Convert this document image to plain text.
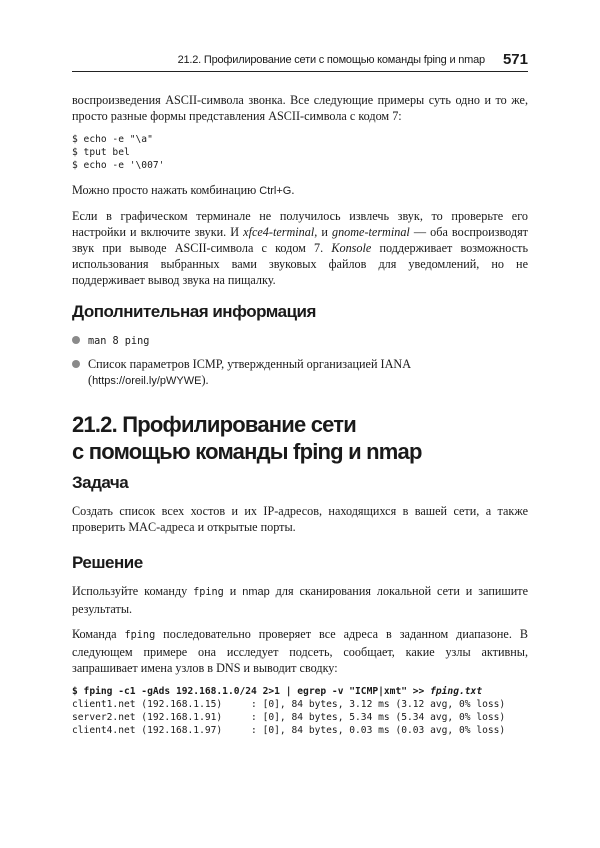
21.2. Профилирование сети с помощью команды fping и nmap 571

воспроизведения ASCII-символа звонка. Все следующие примеры суть одно и то же, просто разные формы представления ASCII-символа с кодом 7:

$ echo -e "\a"
$ tput bel
$ echo -e '\007'

Можно просто нажать комбинацию Ctrl+G.

Если в графическом терминале не получилось извлечь звук, то проверьте его настройки и включите звуки. И xfce4-terminal, и gnome-terminal — оба воспроизводят звук при выводе ASCII-символа с кодом 7. Konsole поддерживает возможность использования выбранных вами звуковых файлов для уведомлений, но не поддерживает вывод звука на пищалку.

Дополнительная информация
man 8 ping
Список параметров ICMP, утвержденный организацией IANA (https://oreil.ly/pWYWE).
21.2. Профилирование сети
с помощью команды fping и nmap
Задача

Создать список всех хостов и их IP-адресов, находящихся в вашей сети, а также проверить MAC-адреса и открытые порты.

Решение

Используйте команду fping и nmap для сканирования локальной сети и запишите результаты.

Команда fping последовательно проверяет все адреса в заданном диапазоне. В следующем примере она исследует подсеть, сообщает, какие узлы активны, запрашивает имена узлов в DNS и выводит сводку:

$ fping -c1 -gAds 192.168.1.0/24 2>1 | egrep -v "ICMP|xmt" >> fping.txt
client1.net (192.168.1.15)     : [0], 84 bytes, 3.12 ms (3.12 avg, 0% loss)
server2.net (192.168.1.91)     : [0], 84 bytes, 5.34 ms (5.34 avg, 0% loss)
client4.net (192.168.1.97)     : [0], 84 bytes, 0.03 ms (0.03 avg, 0% loss)
